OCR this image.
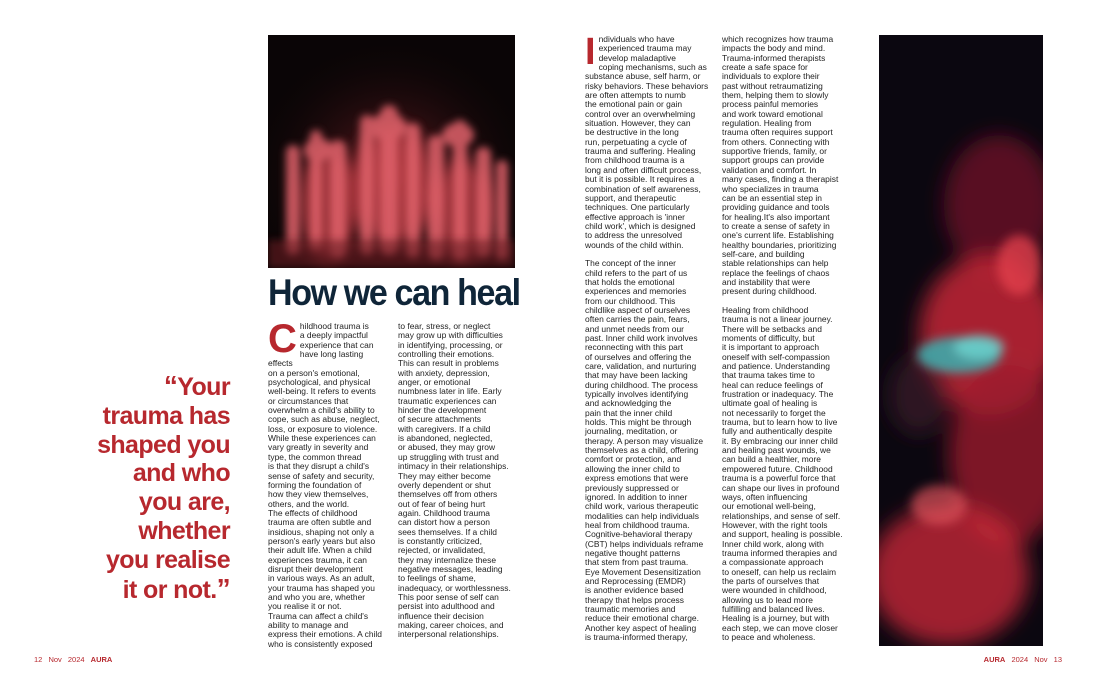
How we can heal
“Your trauma has shaped you and who you are, whether you realise it or not.”
Childhood trauma is
a deeply impactful
experience that can
have long lasting effects
on a person's emotional,
psychological, and physical
well-being. It refers to events
or circumstances that
overwhelm a child's ability to
cope, such as abuse, neglect,
loss, or exposure to violence.
While these experiences can
vary greatly in severity and
type, the common thread
is that they disrupt a child's
sense of safety and security,
forming the foundation of
how they view themselves,
others, and the world.
The effects of childhood
trauma are often subtle and
insidious, shaping not only a
person's early years but also
their adult life. When a child
experiences trauma, it can
disrupt their development
in various ways. As an adult,
your trauma has shaped you
and who you are, whether
you realise it or not.
Trauma can affect a child's
ability to manage and
express their emotions. A child
who is consistently exposed
to fear, stress, or neglect
may grow up with difficulties
in identifying, processing, or
controlling their emotions.
This can result in problems
with anxiety, depression,
anger, or emotional
numbness later in life. Early
traumatic experiences can
hinder the development
of secure attachments
with caregivers. If a child
is abandoned, neglected,
or abused, they may grow
up struggling with trust and
intimacy in their relationships.
They may either become
overly dependent or shut
themselves off from others
out of fear of being hurt
again. Childhood trauma
can distort how a person
sees themselves. If a child
is constantly criticized,
rejected, or invalidated,
they may internalize these
negative messages, leading
to feelings of shame,
inadequacy, or worthlessness.
This poor sense of self can
persist into adulthood and
influence their decision
making, career choices, and
interpersonal relationships.
Individuals who have
experienced trauma may
develop maladaptive
coping mechanisms, such as
substance abuse, self harm, or
risky behaviors. These behaviors
are often attempts to numb
the emotional pain or gain
control over an overwhelming
situation. However, they can
be destructive in the long
run, perpetuating a cycle of
trauma and suffering. Healing
from childhood trauma is a
long and often difficult process,
but it is possible. It requires a
combination of self awareness,
support, and therapeutic
techniques. One particularly
effective approach is 'inner
child work', which is designed
to address the unresolved
wounds of the child within.

The concept of the inner
child refers to the part of us
that holds the emotional
experiences and memories
from our childhood. This
childlike aspect of ourselves
often carries the pain, fears,
and unmet needs from our
past. Inner child work involves
reconnecting with this part
of ourselves and offering the
care, validation, and nurturing
that may have been lacking
during childhood. The process
typically involves identifying
and acknowledging the
pain that the inner child
holds. This might be through
journaling, meditation, or
therapy. A person may visualize
themselves as a child, offering
comfort or protection, and
allowing the inner child to
express emotions that were
previously suppressed or
ignored. In addition to inner
child work, various therapeutic
modalities can help individuals
heal from childhood trauma.
Cognitive-behavioral therapy
(CBT) helps individuals reframe
negative thought patterns
that stem from past trauma.
Eye Movement Desensitization
and Reprocessing (EMDR)
is another evidence based
therapy that helps process
traumatic memories and
reduce their emotional charge.
Another key aspect of healing
is trauma-informed therapy,
which recognizes how trauma
impacts the body and mind.
Trauma-informed therapists
create a safe space for
individuals to explore their
past without retraumatizing
them, helping them to slowly
process painful memories
and work toward emotional
regulation. Healing from
trauma often requires support
from others. Connecting with
supportive friends, family, or
support groups can provide
validation and comfort. In
many cases, finding a therapist
who specializes in trauma
can be an essential step in
providing guidance and tools
for healing.It's also important
to create a sense of safety in
one's current life. Establishing
healthy boundaries, prioritizing
self-care, and building
stable relationships can help
replace the feelings of chaos
and instability that were
present during childhood.

Healing from childhood
trauma is not a linear journey.
There will be setbacks and
moments of difficulty, but
it is important to approach
oneself with self-compassion
and patience. Understanding
that trauma takes time to
heal can reduce feelings of
frustration or inadequacy. The
ultimate goal of healing is
not necessarily to forget the
trauma, but to learn how to live
fully and authentically despite
it. By embracing our inner child
and healing past wounds, we
can build a healthier, more
empowered future. Childhood
trauma is a powerful force that
can shape our lives in profound
ways, often influencing
our emotional well-being,
relationships, and sense of self.
However, with the right tools
and support, healing is possible.
Inner child work, along with
trauma informed therapies and
a compassionate approach
to oneself, can help us reclaim
the parts of ourselves that
were wounded in childhood,
allowing us to lead more
fulfilling and balanced lives.
Healing is a journey, but with
each step, we can move closer
to peace and wholeness.
12 Nov 2024 AURA	AURA 2024 Nov 13
